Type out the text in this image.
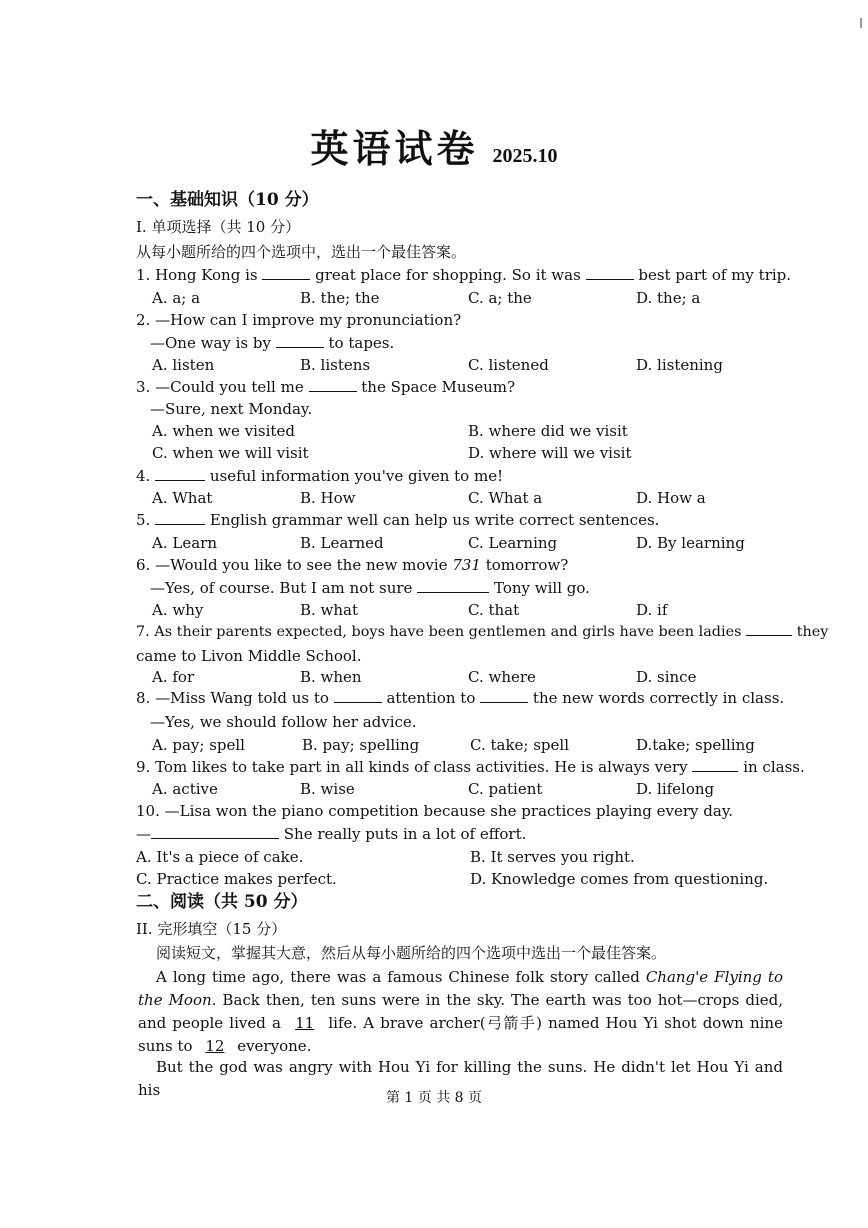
英语试卷 2025.10
一、基础知识（10 分）
I. 单项选择（共 10 分）
从每小题所给的四个选项中，选出一个最佳答案。
1. Hong Kong is	great place for shopping. So it was	best part of my trip.
A. a; a	B. the; the	C. a; the	D. the; a
2. —How can I improve my pronunciation?
—One way is by	to tapes.
A. listen	B. listens	C. listened	D. listening
3. —Could you tell me	the Space Museum?
—Sure, next Monday.
A. when we visited	B. where did we visit
C. when we will visit	D. where will we visit
4.	useful information you've given to me!
A. What	B. How	C. What a	D. How a
5.	English grammar well can help us write correct sentences.
A. Learn	B. Learned	C. Learning	D. By learning
6. —Would you like to see the new movie 731 tomorrow?
—Yes, of course. But I am not sure	Tony will go.
A. why	B. what	C. that	D. if
7. As their parents expected, boys have been gentlemen and girls have been ladies	they
came to Livon Middle School.
A. for	B. when	C. where	D. since
8. —Miss Wang told us to	attention to	the new words correctly in class.
—Yes, we should follow her advice.
A. pay; spell	B. pay; spelling	C. take; spell	D.take; spelling
9. Tom likes to take part in all kinds of class activities. He is always very	in class.
A. active	B. wise	C. patient	D. lifelong
10. —Lisa won the piano competition because she practices playing every day.
—	She really puts in a lot of effort.
A. It's a piece of cake.	B. It serves you right.
C. Practice makes perfect.	D. Knowledge comes from questioning.
二、阅读（共 50 分）
II. 完形填空（15 分）
阅读短文，掌握其大意，然后从每小题所给的四个选项中选出一个最佳答案。
A long time ago, there was a famous Chinese folk story called Chang'e Flying to the Moon. Back then, ten suns were in the sky. The earth was too hot—crops died, and people lived a 11 life. A brave archer(弓箭手) named Hou Yi shot down nine suns to 12 everyone.
But the god was angry with Hou Yi for killing the suns. He didn't let Hou Yi and his	第 1 页 共 8 页
